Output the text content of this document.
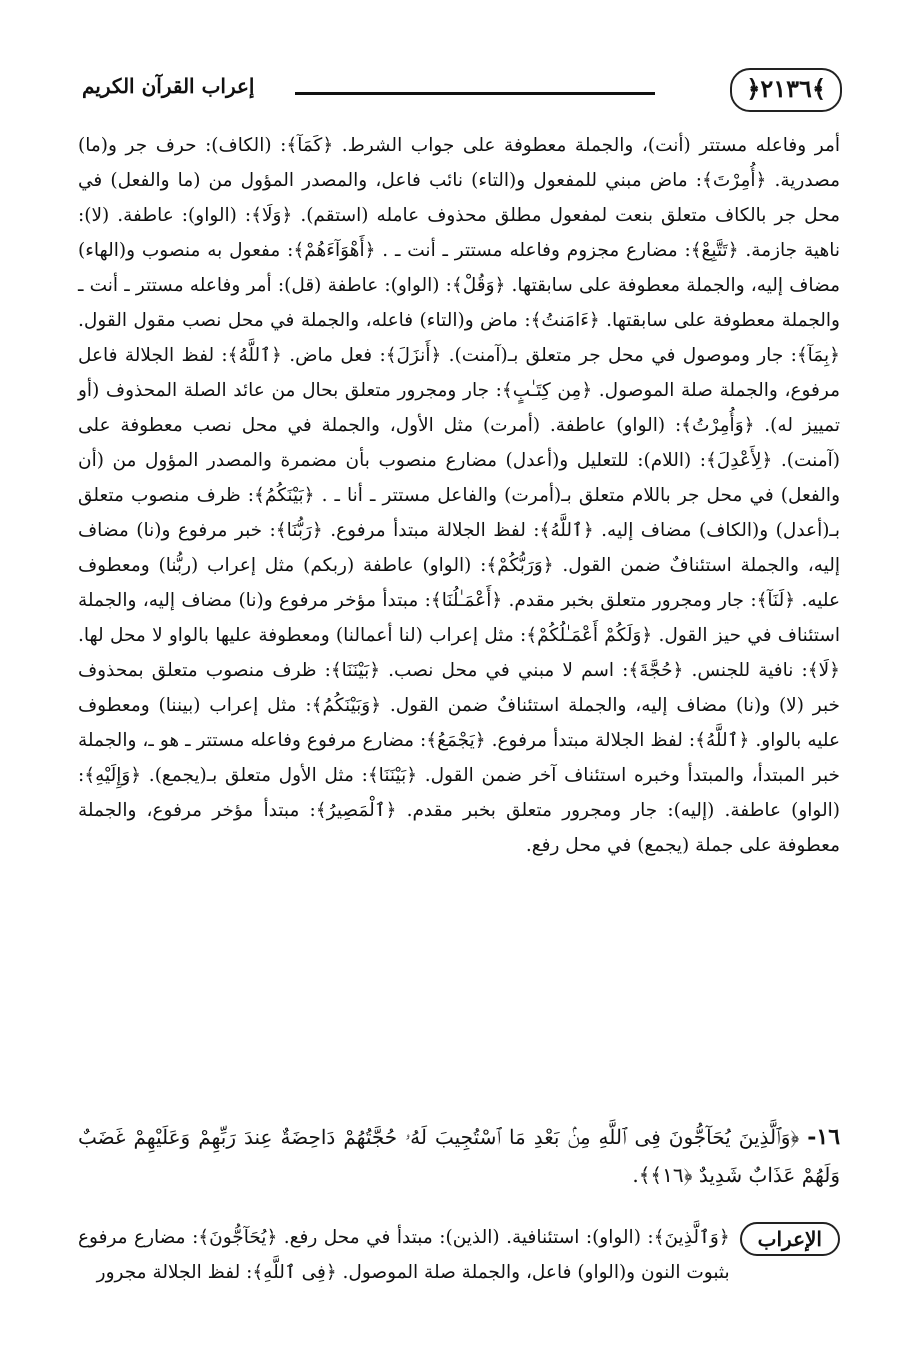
﴿٢١٣٦﴾
إعراب القرآن الكريم

أمر وفاعله مستتر (أنت)، والجملة معطوفة على جواب الشرط. ﴿كَمَآ﴾: (الكاف): حرف جر و(ما) مصدرية. ﴿أُمِرْتَ﴾: ماض مبني للمفعول و(التاء) نائب فاعل، والمصدر المؤول من (ما والفعل) في محل جر بالكاف متعلق بنعت لمفعول مطلق محذوف عامله (استقم). ﴿وَلَا﴾: (الواو): عاطفة. (لا): ناهية جازمة. ﴿تَتَّبِعْ﴾: مضارع مجزوم وفاعله مستتر ـ أنت ـ . ﴿أَهْوَآءَهُمْ﴾: مفعول به منصوب و(الهاء) مضاف إليه، والجملة معطوفة على سابقتها. ﴿وَقُلْ﴾: (الواو): عاطفة (قل): أمر وفاعله مستتر ـ أنت ـ والجملة معطوفة على سابقتها. ﴿ءَامَنتُ﴾: ماض و(التاء) فاعله، والجملة في محل نصب مقول القول. ﴿بِمَآ﴾: جار وموصول في محل جر متعلق بـ(آمنت). ﴿أَنزَلَ﴾: فعل ماض. ﴿ٱللَّهُ﴾: لفظ الجلالة فاعل مرفوع، والجملة صلة الموصول. ﴿مِن كِتَـٰبٍ﴾: جار ومجرور متعلق بحال من عائد الصلة المحذوف (أو تمييز له). ﴿وَأُمِرْتُ﴾: (الواو) عاطفة. (أمرت) مثل الأول، والجملة في محل نصب معطوفة على (آمنت). ﴿لِأَعْدِلَ﴾: (اللام): للتعليل و(أعدل) مضارع منصوب بأن مضمرة والمصدر المؤول من (أن والفعل) في محل جر باللام متعلق بـ(أمرت) والفاعل مستتر ـ أنا ـ . ﴿بَيْنَكُمُ﴾: ظرف منصوب متعلق بـ(أعدل) و(الكاف) مضاف إليه. ﴿ٱللَّهُ﴾: لفظ الجلالة مبتدأ مرفوع. ﴿رَبُّنَا﴾: خبر مرفوع و(نا) مضاف إليه، والجملة استئنافٌ ضمن القول. ﴿وَرَبُّكُمْ﴾: (الواو) عاطفة (ربكم) مثل إعراب (ربُّنا) ومعطوف عليه. ﴿لَنَآ﴾: جار ومجرور متعلق بخبر مقدم. ﴿أَعْمَـٰلُنَا﴾: مبتدأ مؤخر مرفوع و(نا) مضاف إليه، والجملة استئناف في حيز القول. ﴿وَلَكُمْ أَعْمَـٰلُكُمْ﴾: مثل إعراب (لنا أعمالنا) ومعطوفة عليها بالواو لا محل لها. ﴿لَا﴾: نافية للجنس. ﴿حُجَّةَ﴾: اسم لا مبني في محل نصب. ﴿بَيْنَنَا﴾: ظرف منصوب متعلق بمحذوف خبر (لا) و(نا) مضاف إليه، والجملة استئنافٌ ضمن القول. ﴿وَبَيْنَكُمُ﴾: مثل إعراب (بيننا) ومعطوف عليه بالواو. ﴿ٱللَّهُ﴾: لفظ الجلالة مبتدأ مرفوع. ﴿يَجْمَعُ﴾: مضارع مرفوع وفاعله مستتر ـ هو ـ، والجملة خبر المبتدأ، والمبتدأ وخبره استئناف آخر ضمن القول. ﴿بَيْنَنَا﴾: مثل الأول متعلق بـ(يجمع). ﴿وَإِلَيْهِ﴾: (الواو) عاطفة. (إليه): جار ومجرور متعلق بخبر مقدم. ﴿ٱلْمَصِيرُ﴾: مبتدأ مؤخر مرفوع، والجملة معطوفة على جملة (يجمع) في محل رفع.

١٦- ﴿وَٱلَّذِينَ يُحَآجُّونَ فِى ٱللَّهِ مِنۢ بَعْدِ مَا ٱسْتُجِيبَ لَهُۥ حُجَّتُهُمْ دَاحِضَةٌ عِندَ رَبِّهِمْ وَعَلَيْهِمْ غَضَبٌ وَلَهُمْ عَذَابٌ شَدِيدٌ ﴿١٦﴾﴾.
الإعراب
﴿وَٱلَّذِينَ﴾: (الواو): استئنافية. (الذين): مبتدأ في محل رفع. ﴿يُحَآجُّونَ﴾: مضارع مرفوع بثبوت النون و(الواو) فاعل، والجملة صلة الموصول. ﴿فِى ٱللَّهِ﴾: لفظ الجلالة مجرور
